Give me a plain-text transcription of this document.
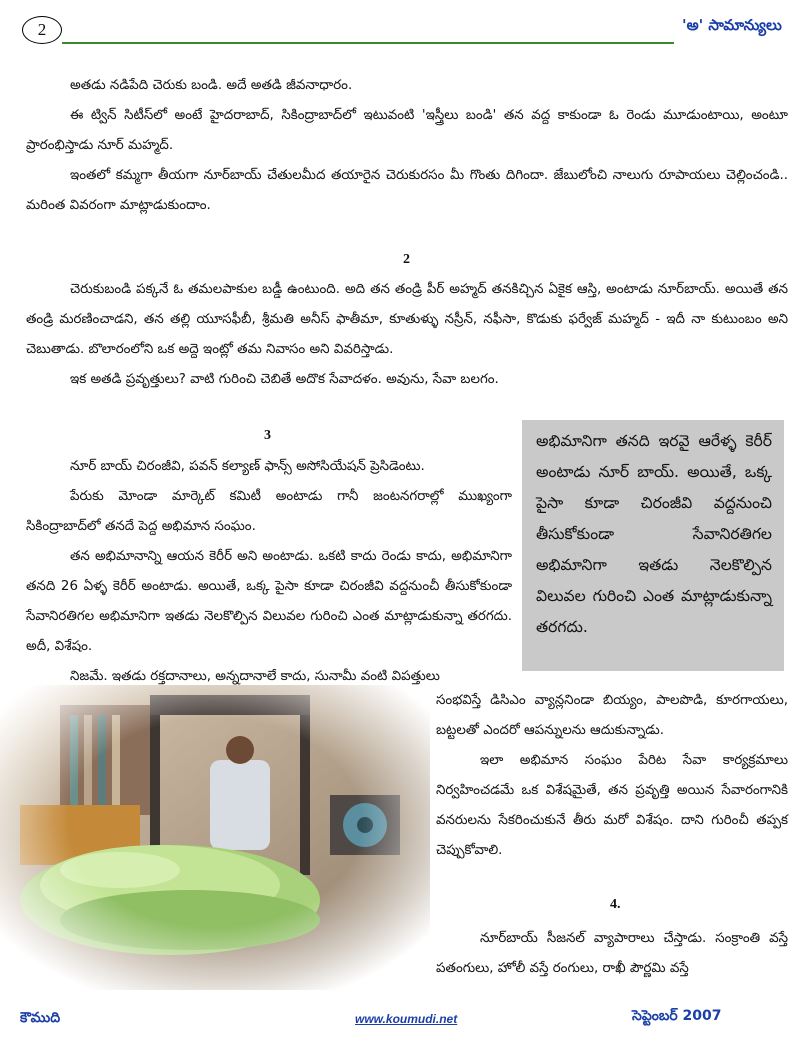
2	'అ' సామాన్యులు

అతడు నడిపేది చెరుకు బండి. అదే అతడి జీవనాధారం.

ఈ ట్విన్ సిటీస్‌లో అంటే హైదరాబాద్, సికింద్రాబాద్‌లో ఇటువంటి 'ఇస్త్రీలు బండి' తన వద్ద కాకుండా ఓ రెండు మూడుంటాయి, అంటూ ప్రారంభిస్తాడు నూర్ మహ్మద్.

ఇంతలో కమ్మగా తీయగా నూర్‌బాయ్ చేతులమీద తయారైన చెరుకురసం మీ గొంతు దిగిందా. జేబులోంచి నాలుగు రూపాయలు చెల్లించండి.. మరింత వివరంగా మాట్లాడుకుందాం.

2

చెరుకుబండి పక్కనే ఓ తమలపాకుల బడ్డీ ఉంటుంది. అది తన తండ్రి పీర్ అహ్మద్ తనకిచ్చిన ఏకైక ఆస్తి, అంటాడు నూర్‌బాయ్. అయితే తన తండ్రి మరణించాడని, తన తల్లి యూసఫీబీ, శ్రీమతి అనీస్ ఫాతీమా, కూతుళ్ళు నస్రీన్, నఫీసా, కొడుకు ఫర్వేజ్ మహ్మద్ - ఇదీ నా కుటుంబం అని చెబుతాడు. బొలారంలోని ఒక అద్దె ఇంట్లో తమ నివాసం అని వివరిస్తాడు.

ఇక అతడి ప్రవృత్తులు? వాటి గురించి చెబితే అదొక సేవాదళం. అవును, సేవా బలగం.

3

నూర్ బాయ్ చిరంజీవి, పవన్ కల్యాణ్ ఫాన్స్ అసోసియేషన్ ప్రెసిడెంటు.

పేరుకు మోండా మార్కెట్ కమిటీ అంటాడు గానీ జంటనగరాల్లో ముఖ్యంగా సికింద్రాబాద్‌లో తనదే పెద్ద అభిమాన సంఘం.

తన అభిమానాన్ని ఆయన కెరీర్ అని అంటాడు. ఒకటి కాదు రెండు కాదు, అభిమానిగా తనది 26 ఏళ్ళ కెరీర్ అంటాడు. అయితే, ఒక్క పైసా కూడా చిరంజీవి వద్దనుంచీ తీసుకోకుండా సేవానిరతిగల అభిమానిగా ఇతడు నెలకొల్పిన విలువల గురించి ఎంత మాట్లాడుకున్నా తరగదు. అదీ, విశేషం.

నిజమే. ఇతడు రక్తదానాలు, అన్నదానాలే కాదు, సునామీ వంటి విపత్తులు

అభిమానిగా తనది ఇరవై ఆరేళ్ళ కెరీర్ అంటాడు నూర్ బాయ్. అయితే, ఒక్క పైసా కూడా చిరంజీవి వద్దనుంచి తీసుకోకుండా సేవానిరతిగల అభిమానిగా ఇతడు నెలకొల్పిన విలువల గురించి ఎంత మాట్లాడుకున్నా తరగదు.

సంభవిస్తే డిసిఎం వ్యాన్లనిండా బియ్యం, పాలపొడి, కూరగాయలు, బట్టలతో ఎందరో ఆపన్నులను ఆదుకున్నాడు.

ఇలా అభిమాన సంఘం పేరిట సేవా కార్యక్రమాలు నిర్వహించడమే ఒక విశేషమైతే, తన ప్రవృత్తి అయిన సేవారంగానికి వనరులను సేకరించుకునే తీరు మరో విశేషం. దాని గురించీ తప్పక చెప్పుకోవాలి.

4.

నూర్‌బాయ్ సీజనల్ వ్యాపారాలు చేస్తాడు. సంక్రాంతి వస్తే పతంగులు, హోలీ వస్తే రంగులు, రాఖీ పౌర్ణమి వస్తే

కౌముది	www.koumudi.net	సెప్టెంబర్ 2007
